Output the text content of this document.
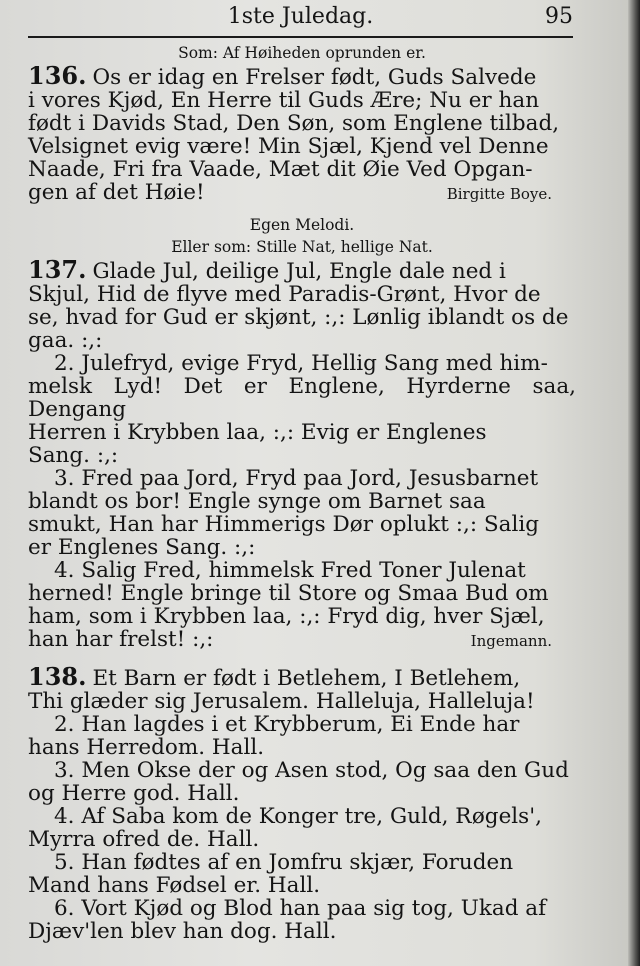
1ste Juledag.	95
Som: Af Høiheden oprunden er.
136. Os er idag en Frelser født, Guds Salvede
i vores Kjød, En Herre til Guds Ære; Nu er han
født i Davids Stad, Den Søn, som Englene tilbad,
Velsignet evig være! Min Sjæl, Kjend vel Denne
Naade, Fri fra Vaade, Mæt dit Øie Ved Opgan-
gen af det Høie!	Birgitte Boye.
Egen Melodi.
Eller som: Stille Nat, hellige Nat.
137. Glade Jul, deilige Jul, Engle dale ned i
Skjul, Hid de flyve med Paradis-Grønt, Hvor de
se, hvad for Gud er skjønt, :,: Lønlig iblandt os de
gaa. :,:
2. Julefryd, evige Fryd, Hellig Sang med him-
melsk Lyd! Det er Englene, Hyrderne saa, Dengang
Herren i Krybben laa, :,: Evig er Englenes
Sang. :,:
3. Fred paa Jord, Fryd paa Jord, Jesusbarnet
blandt os bor! Engle synge om Barnet saa
smukt, Han har Himmerigs Dør oplukt :,: Salig
er Englenes Sang. :,:
4. Salig Fred, himmelsk Fred Toner Julenat
herned! Engle bringe til Store og Smaa Bud om
ham, som i Krybben laa, :,: Fryd dig, hver Sjæl,
han har frelst! :,:	Ingemann.
138. Et Barn er født i Betlehem, I Betlehem,
Thi glæder sig Jerusalem. Halleluja, Halleluja!
2. Han lagdes i et Krybberum, Ei Ende har
hans Herredom. Hall.
3. Men Okse der og Asen stod, Og saa den Gud
og Herre god. Hall.
4. Af Saba kom de Konger tre, Guld, Røgels',
Myrra ofred de. Hall.
5. Han fødtes af en Jomfru skjær, Foruden
Mand hans Fødsel er. Hall.
6. Vort Kjød og Blod han paa sig tog, Ukad af
Djæv'len blev han dog. Hall.
